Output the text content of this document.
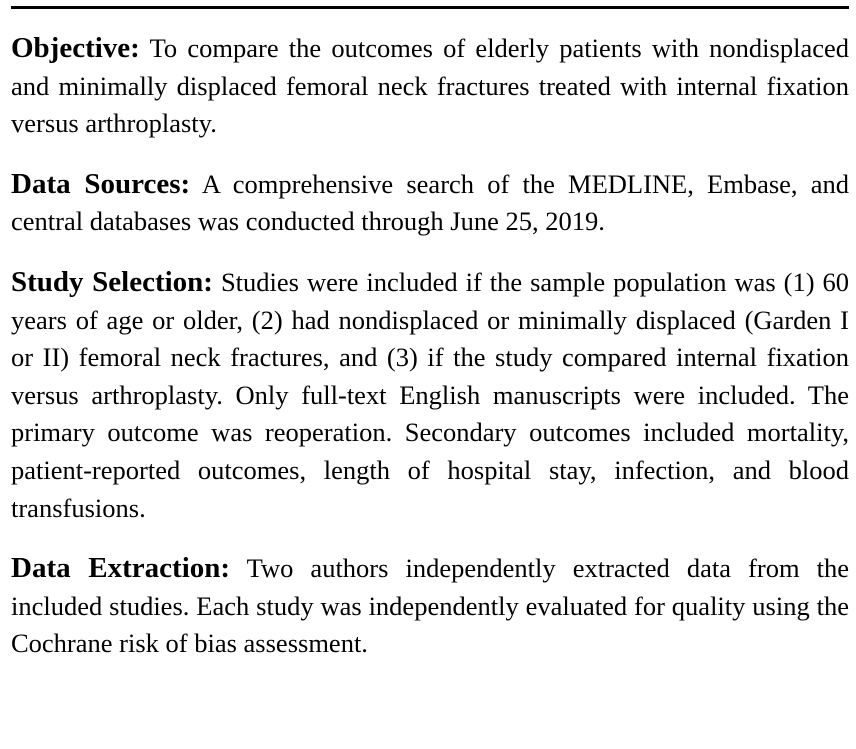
Objective: To compare the outcomes of elderly patients with nondisplaced and minimally displaced femoral neck fractures treated with internal fixation versus arthroplasty.

Data Sources: A comprehensive search of the MEDLINE, Embase, and central databases was conducted through June 25, 2019.

Study Selection: Studies were included if the sample population was (1) 60 years of age or older, (2) had nondisplaced or minimally displaced (Garden I or II) femoral neck fractures, and (3) if the study compared internal fixation versus arthroplasty. Only full-text English manuscripts were included. The primary outcome was reoperation. Secondary outcomes included mortality, patient-reported outcomes, length of hospital stay, infection, and blood transfusions.

Data Extraction: Two authors independently extracted data from the included studies. Each study was independently evaluated for quality using the Cochrane risk of bias assessment.
